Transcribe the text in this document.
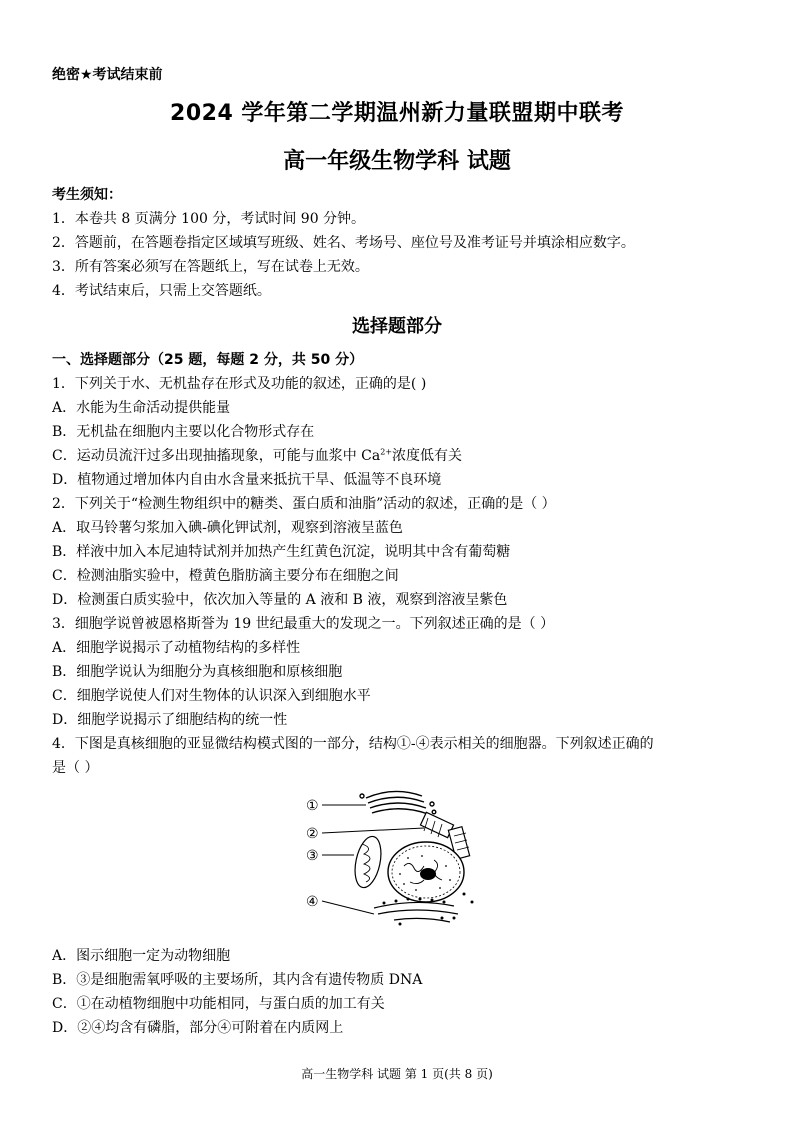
绝密★考试结束前
2024 学年第二学期温州新力量联盟期中联考
高一年级生物学科 试题
考生须知：
1．本卷共 8 页满分 100 分，考试时间 90 分钟。
2．答题前，在答题卷指定区域填写班级、姓名、考场号、座位号及准考证号并填涂相应数字。
3．所有答案必须写在答题纸上，写在试卷上无效。
4．考试结束后，只需上交答题纸。
选择题部分
一、选择题部分（25 题，每题 2 分，共 50 分）
1．下列关于水、无机盐存在形式及功能的叙述，正确的是( )
A．水能为生命活动提供能量
B．无机盐在细胞内主要以化合物形式存在
C．运动员流汗过多出现抽搐现象，可能与血浆中 $Ca^{2+}$浓度低有关
D．植物通过增加体内自由水含量来抵抗干旱、低温等不良环境
2．下列关于“检测生物组织中的糖类、蛋白质和油脂”活动的叙述，正确的是（ ）
A．取马铃薯匀浆加入碘-碘化钾试剂，观察到溶液呈蓝色
B．样液中加入本尼迪特试剂并加热产生红黄色沉淀，说明其中含有葡萄糖
C．检测油脂实验中，橙黄色脂肪滴主要分布在细胞之间
D．检测蛋白质实验中，依次加入等量的 A 液和 B 液，观察到溶液呈紫色
3．细胞学说曾被恩格斯誉为 19 世纪最重大的发现之一。下列叙述正确的是（ ）
A．细胞学说揭示了动植物结构的多样性
B．细胞学说认为细胞分为真核细胞和原核细胞
C．细胞学说使人们对生物体的认识深入到细胞水平
D．细胞学说揭示了细胞结构的统一性
4．下图是真核细胞的亚显微结构模式图的一部分，结构①-④表示相关的细胞器。下列叙述正确的
是（ ）
①
②
③
④
A．图示细胞一定为动物细胞
B．③是细胞需氧呼吸的主要场所，其内含有遗传物质 DNA
C．①在动植物细胞中功能相同，与蛋白质的加工有关
D．②④均含有磷脂，部分④可附着在内质网上
高一生物学科 试题 第 1 页(共 8 页)
